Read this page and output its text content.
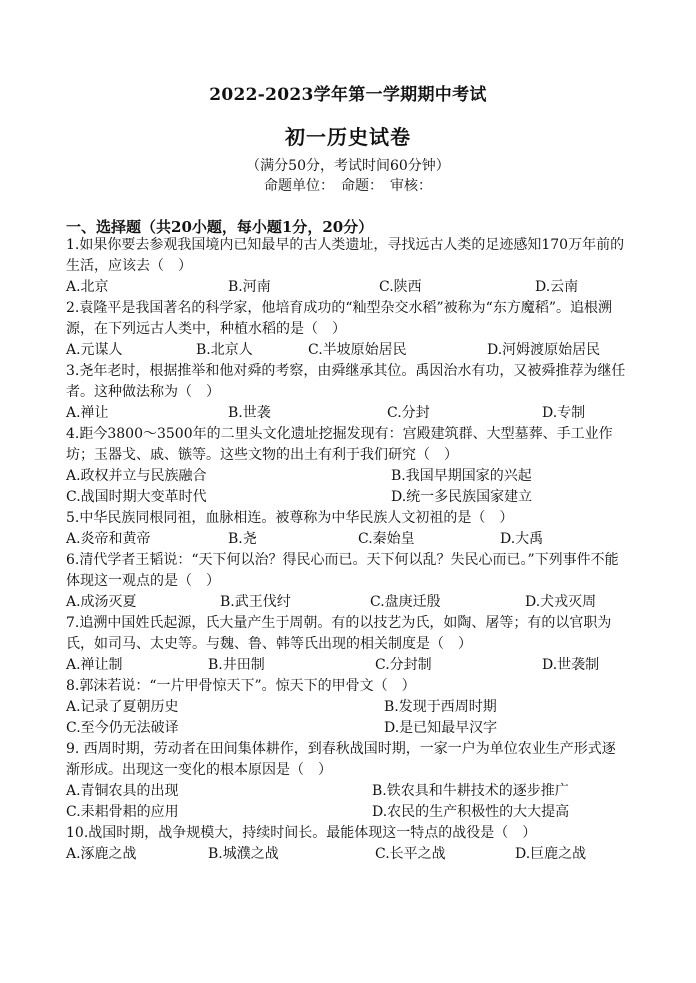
2022-2023学年第一学期期中考试
初一历史试卷
（满分50分，考试时间60分钟）
命题单位：　命题：　审核：
一、选择题（共20小题，每小题1分，20分）
1.如果你要去参观我国境内已知最早的古人类遗址，寻找远古人类的足迹感知170万年前的生活，应该去（　）
A.北京	B.河南	C.陕西	D.云南
2.袁隆平是我国著名的科学家，他培育成功的“籼型杂交水稻”被称为“东方魔稻”。追根溯源，在下列远古人类中，种植水稻的是（　）
A.元谋人	B.北京人	C.半坡原始居民	D.河姆渡原始居民
3.尧年老时，根据推举和他对舜的考察，由舜继承其位。禹因治水有功，又被舜推荐为继任者。这种做法称为（　）
A.禅让	B.世袭	C.分封	D.专制
4.距今3800～3500年的二里头文化遗址挖掘发现有：宫殿建筑群、大型墓葬、手工业作坊；玉器戈、戚、镞等。这些文物的出土有利于我们研究（　）
A.政权并立与民族融合	B.我国早期国家的兴起
C.战国时期大变革时代	D.统一多民族国家建立
5.中华民族同根同祖，血脉相连。被尊称为中华民族人文初祖的是（　）
A.炎帝和黄帝	B.尧	C.秦始皇	D.大禹
6.清代学者王韬说：“天下何以治？得民心而已。天下何以乱？失民心而已。”下列事件不能体现这一观点的是（　）
A.成汤灭夏	B.武王伐纣	C.盘庚迁殷	D.犬戎灭周
7.追溯中国姓氏起源，氏大量产生于周朝。有的以技艺为氏，如陶、屠等；有的以官职为氏，如司马、太史等。与魏、鲁、韩等氏出现的相关制度是（　）
A.禅让制	B.井田制	C.分封制	D.世袭制
8.郭沫若说：“一片甲骨惊天下”。惊天下的甲骨文（　）
A.记录了夏朝历史	B.发现于西周时期
C.至今仍无法破译	D.是已知最早汉字
9. 西周时期，劳动者在田间集体耕作，到春秋战国时期，一家一户为单位农业生产形式逐渐形成。出现这一变化的根本原因是（　）
A.青铜农具的出现	B.铁农具和牛耕技术的逐步推广
C.耒耜骨耜的应用	D.农民的生产积极性的大大提高
10.战国时期，战争规模大，持续时间长。最能体现这一特点的战役是（　）
A.涿鹿之战	B.城濮之战	C.长平之战	D.巨鹿之战
